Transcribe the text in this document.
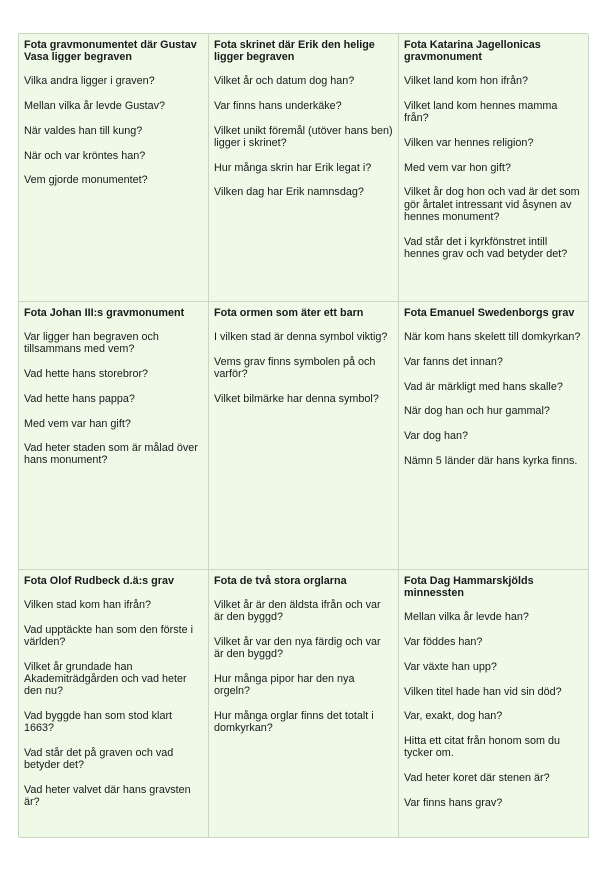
Fota gravmonumentet där Gustav Vasa ligger begraven
Vilka andra ligger i graven?
Mellan vilka år levde Gustav?
När valdes han till kung?
När och var kröntes han?
Vem gjorde monumentet?
Fota skrinet där Erik den helige ligger begraven
Vilket år och datum dog han?
Var finns hans underkäke?
Vilket unikt föremål (utöver hans ben) ligger i skrinet?
Hur många skrin har Erik legat i?
Vilken dag har Erik namnsdag?
Fota Katarina Jagellonicas gravmonument
Vilket land kom hon ifrån?
Vilket land kom hennes mamma från?
Vilken var hennes religion?
Med vem var hon gift?
Vilket år dog hon och vad är det som gör årtalet intressant vid åsynen av hennes monument?
Vad står det i kyrkfönstret intill hennes grav och vad betyder det?
Fota Johan III:s gravmonument
Var ligger han begraven och tillsammans med vem?
Vad hette hans storebror?
Vad hette hans pappa?
Med vem var han gift?
Vad heter staden som är målad över hans monument?
Fota ormen som äter ett barn
I vilken stad är denna symbol viktig?
Vems grav finns symbolen på och varför?
Vilket bilmärke har denna symbol?
Fota Emanuel Swedenborgs grav
När kom hans skelett till domkyrkan?
Var fanns det innan?
Vad är märkligt med hans skalle?
När dog han och hur gammal?
Var dog han?
Nämn 5 länder där hans kyrka finns.
Fota Olof Rudbeck d.ä:s grav
Vilken stad kom han ifrån?
Vad upptäckte han som den förste i världen?
Vilket år grundade han Akademiträdgården och vad heter den nu?
Vad byggde han som stod klart 1663?
Vad står det på graven och vad betyder det?
Vad heter valvet där hans gravsten är?
Fota de två stora orglarna
Vilket år är den äldsta ifrån och var är den byggd?
Vilket år var den nya färdig och var är den byggd?
Hur många pipor har den nya orgeln?
Hur många orglar finns det totalt i domkyrkan?
Fota Dag Hammarskjölds minnessten
Mellan vilka år levde han?
Var föddes han?
Var växte han upp?
Vilken titel hade han vid sin död?
Var, exakt, dog han?
Hitta ett citat från honom som du tycker om.
Vad heter koret där stenen är?
Var finns hans grav?
